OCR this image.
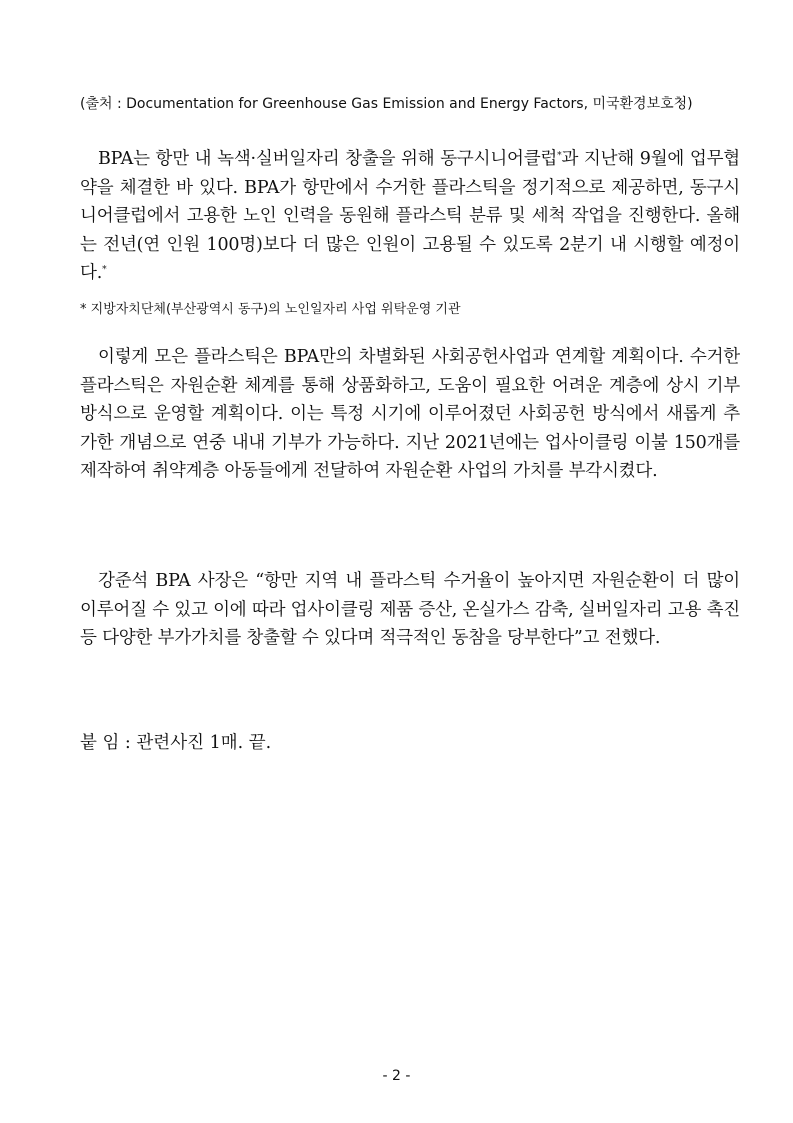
(출처 : Documentation for Greenhouse Gas Emission and Energy Factors, 미국환경보호청)
BPA는 항만 내 녹색·실버일자리 창출을 위해 동구시니어클럽*과 지난해 9월에 업무협약을 체결한 바 있다. BPA가 항만에서 수거한 플라스틱을 정기적으로 제공하면, 동구시니어클럽에서 고용한 노인 인력을 동원해 플라스틱 분류 및 세척 작업을 진행한다. 올해는 전년(연 인원 100명)보다 더 많은 인원이 고용될 수 있도록 2분기 내 시행할 예정이다.*
* 지방자치단체(부산광역시 동구)의 노인일자리 사업 위탁운영 기관
이렇게 모은 플라스틱은 BPA만의 차별화된 사회공헌사업과 연계할 계획이다. 수거한 플라스틱은 자원순환 체계를 통해 상품화하고, 도움이 필요한 어려운 계층에 상시 기부방식으로 운영할 계획이다. 이는 특정 시기에 이루어졌던 사회공헌 방식에서 새롭게 추가한 개념으로 연중 내내 기부가 가능하다. 지난 2021년에는 업사이클링 이불 150개를 제작하여 취약계층 아동들에게 전달하여 자원순환 사업의 가치를 부각시켰다.
강준석 BPA 사장은 “항만 지역 내 플라스틱 수거율이 높아지면 자원순환이 더 많이 이루어질 수 있고 이에 따라 업사이클링 제품 증산, 온실가스 감축, 실버일자리 고용 촉진 등 다양한 부가가치를 창출할 수 있다며 적극적인 동참을 당부한다”고 전했다.
붙 임 : 관련사진 1매. 끝.
- 2 -
